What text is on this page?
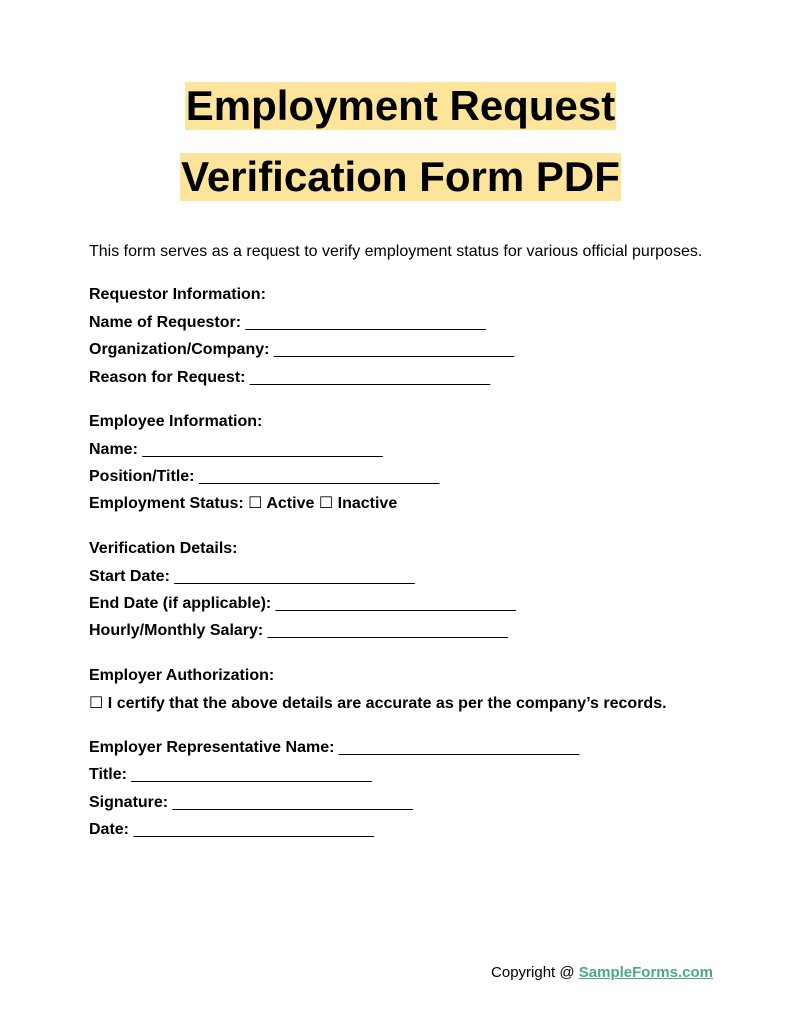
Employment Request
Verification Form PDF
This form serves as a request to verify employment status for various official purposes.
Requestor Information:
Name of Requestor: ___________________________
Organization/Company: ___________________________
Reason for Request: ___________________________
Employee Information:
Name: ___________________________
Position/Title: ___________________________
Employment Status: ☐ Active ☐ Inactive
Verification Details:
Start Date: ___________________________
End Date (if applicable): ___________________________
Hourly/Monthly Salary: ___________________________
Employer Authorization:
☐ I certify that the above details are accurate as per the company’s records.
Employer Representative Name: ___________________________
Title: ___________________________
Signature: ___________________________
Date: ___________________________
Copyright @ SampleForms.com
